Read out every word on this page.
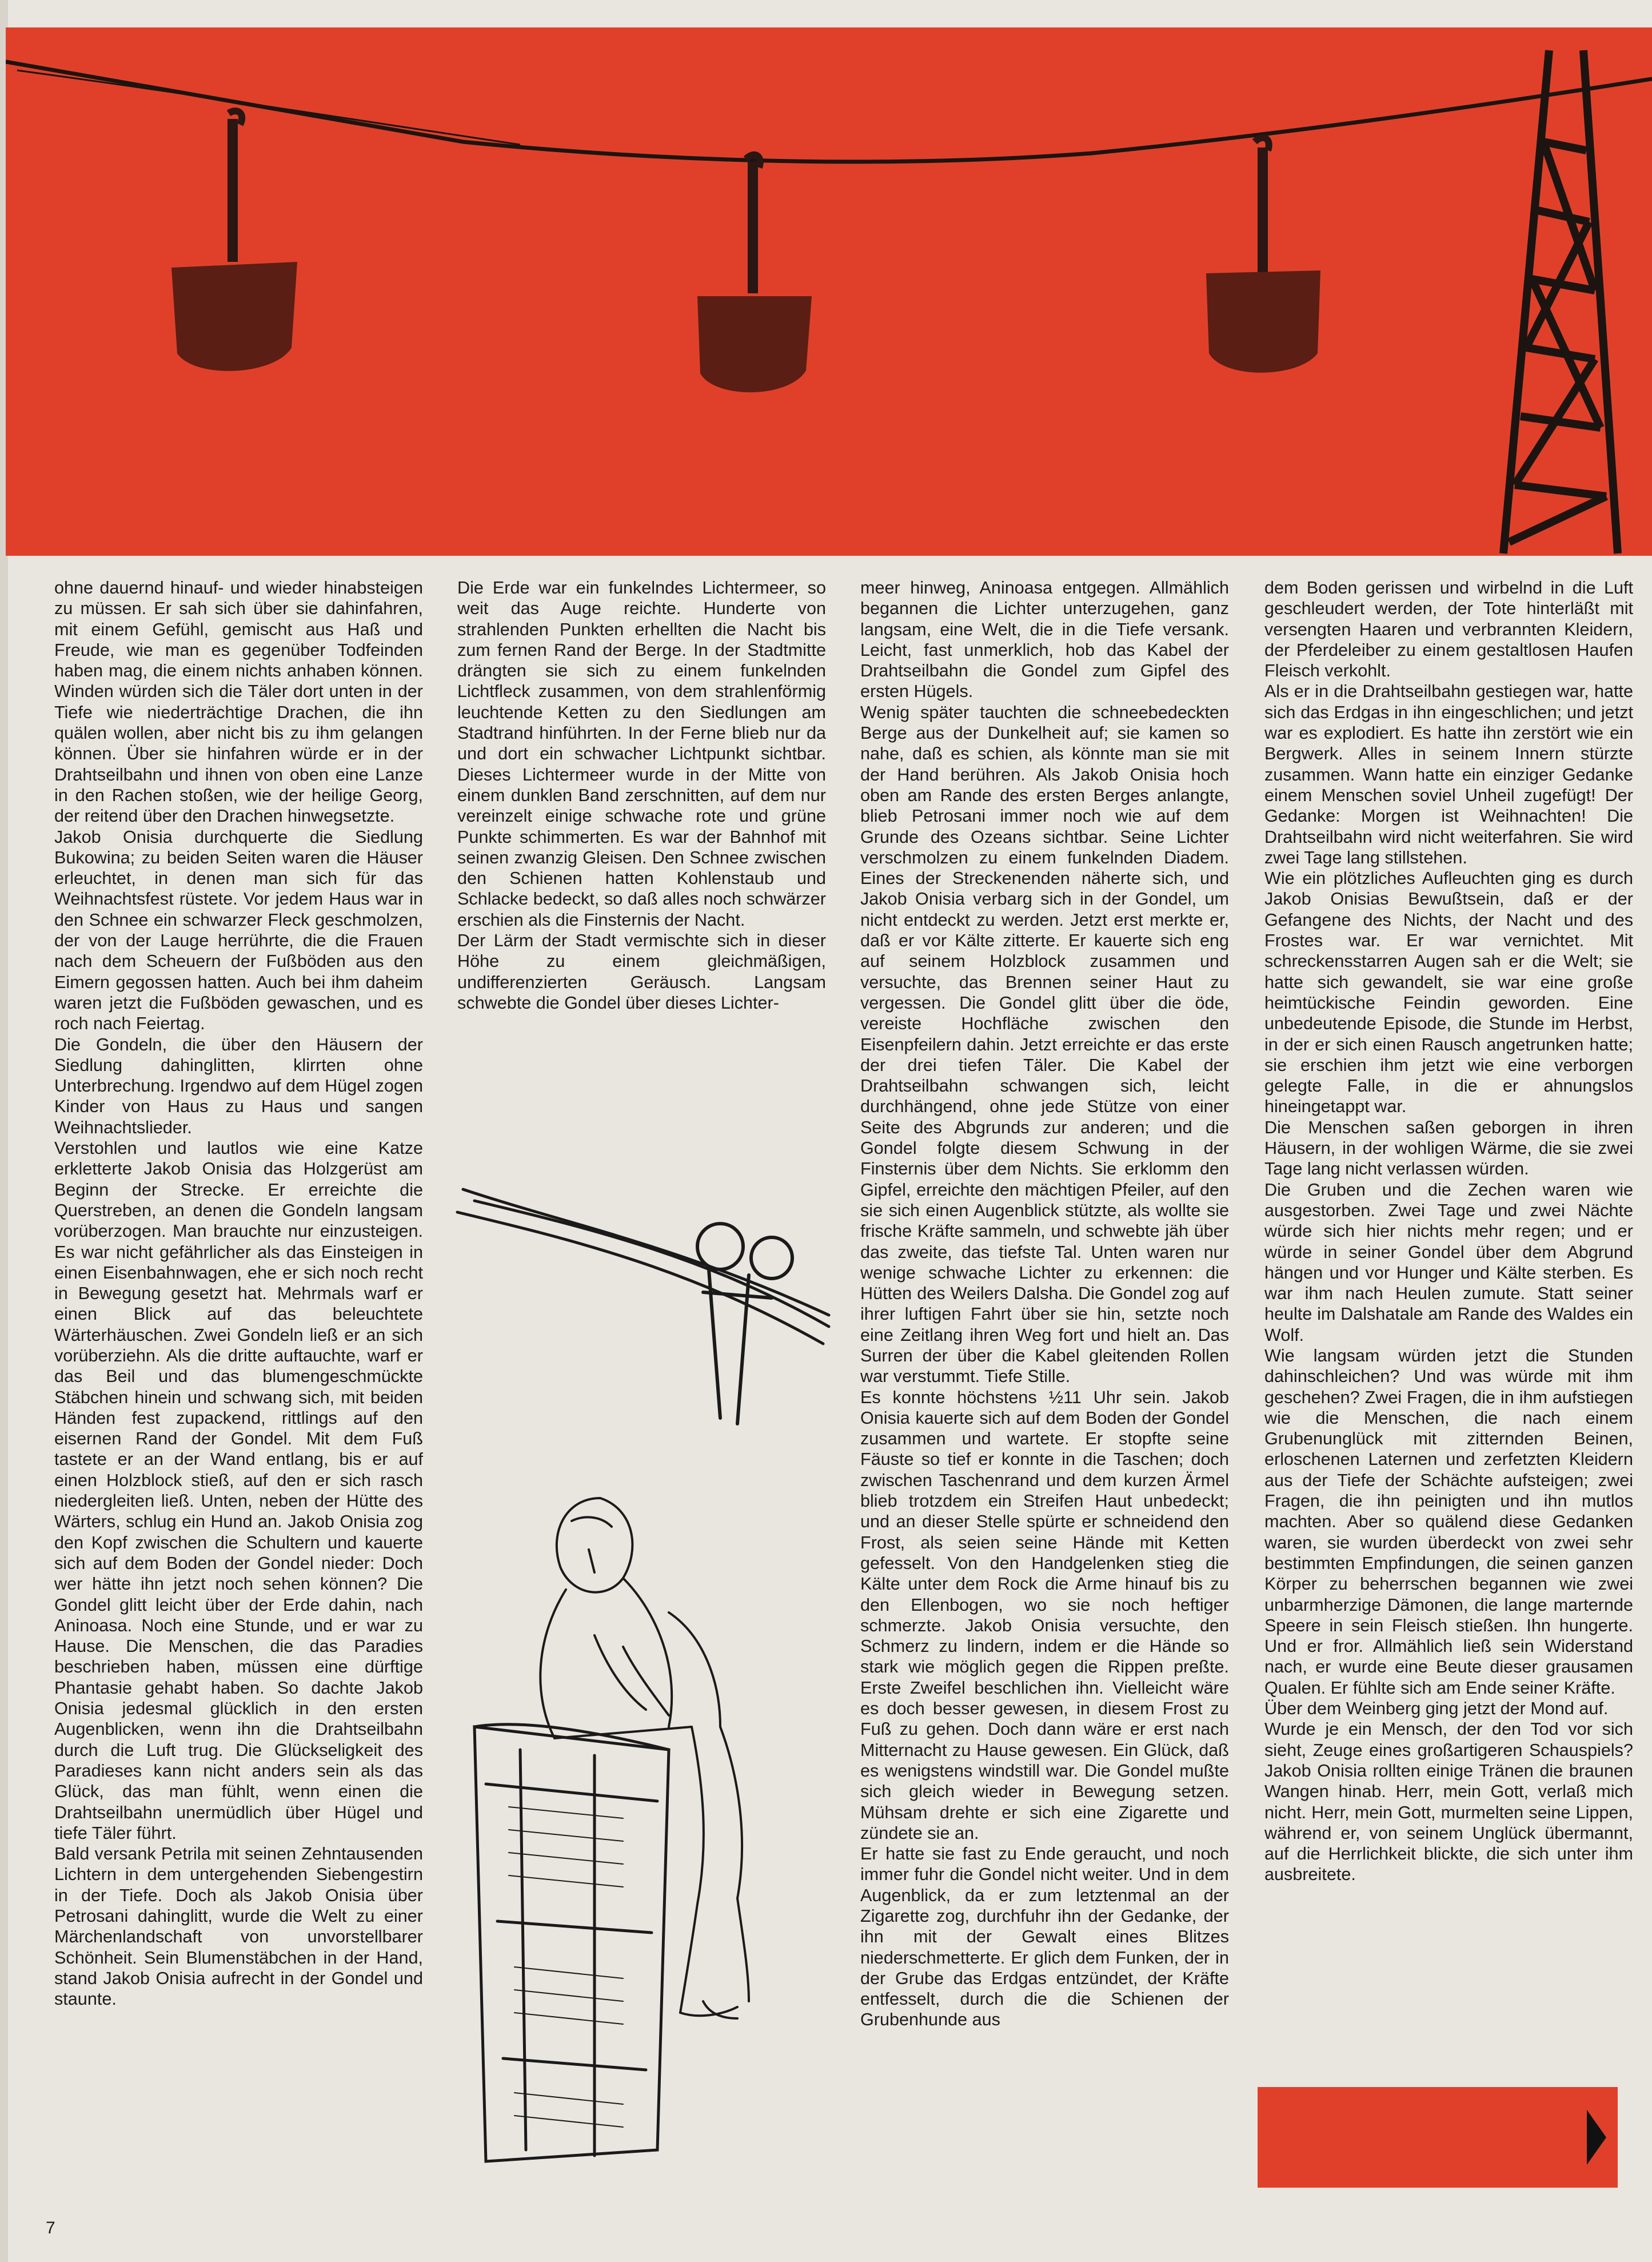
ohne dauernd hinauf- und wieder hinabsteigen zu müssen. Er sah sich über sie dahinfahren, mit einem Gefühl, gemischt aus Haß und Freude, wie man es gegenüber Todfeinden haben mag, die einem nichts anhaben können. Winden würden sich die Täler dort unten in der Tiefe wie niederträchtige Drachen, die ihn quälen wollen, aber nicht bis zu ihm gelangen können. Über sie hinfahren würde er in der Drahtseilbahn und ihnen von oben eine Lanze in den Rachen stoßen, wie der heilige Georg, der reitend über den Drachen hinwegsetzte.

Jakob Onisia durchquerte die Siedlung Bukowina; zu beiden Seiten waren die Häuser erleuchtet, in denen man sich für das Weihnachtsfest rüstete. Vor jedem Haus war in den Schnee ein schwarzer Fleck geschmolzen, der von der Lauge herrührte, die die Frauen nach dem Scheuern der Fußböden aus den Eimern gegossen hatten. Auch bei ihm daheim waren jetzt die Fußböden gewaschen, und es roch nach Feiertag.

Die Gondeln, die über den Häusern der Siedlung dahinglitten, klirrten ohne Unterbrechung. Irgendwo auf dem Hügel zogen Kinder von Haus zu Haus und sangen Weihnachtslieder.

Verstohlen und lautlos wie eine Katze erkletterte Jakob Onisia das Holzgerüst am Beginn der Strecke. Er erreichte die Querstreben, an denen die Gondeln langsam vorüberzogen. Man brauchte nur einzusteigen. Es war nicht gefährlicher als das Einsteigen in einen Eisenbahnwagen, ehe er sich noch recht in Bewegung gesetzt hat. Mehrmals warf er einen Blick auf das beleuchtete Wärterhäuschen. Zwei Gondeln ließ er an sich vorüberziehn. Als die dritte auftauchte, warf er das Beil und das blumengeschmückte Stäbchen hinein und schwang sich, mit beiden Händen fest zupackend, rittlings auf den eisernen Rand der Gondel. Mit dem Fuß tastete er an der Wand entlang, bis er auf einen Holzblock stieß, auf den er sich rasch niedergleiten ließ. Unten, neben der Hütte des Wärters, schlug ein Hund an. Jakob Onisia zog den Kopf zwischen die Schultern und kauerte sich auf dem Boden der Gondel nieder: Doch wer hätte ihn jetzt noch sehen können? Die Gondel glitt leicht über der Erde dahin, nach Aninoasa. Noch eine Stunde, und er war zu Hause. Die Menschen, die das Paradies beschrieben haben, müssen eine dürftige Phantasie gehabt haben. So dachte Jakob Onisia jedesmal glücklich in den ersten Augenblicken, wenn ihn die Drahtseilbahn durch die Luft trug. Die Glückseligkeit des Paradieses kann nicht anders sein als das Glück, das man fühlt, wenn einen die Drahtseilbahn unermüdlich über Hügel und tiefe Täler führt.

Bald versank Petrila mit seinen Zehntausenden Lichtern in dem untergehenden Siebengestirn in der Tiefe. Doch als Jakob Onisia über Petrosani dahinglitt, wurde die Welt zu einer Märchenlandschaft von unvorstellbarer Schönheit. Sein Blumenstäbchen in der Hand, stand Jakob Onisia aufrecht in der Gondel und staunte.

Die Erde war ein funkelndes Lichtermeer, so weit das Auge reichte. Hunderte von strahlenden Punkten erhellten die Nacht bis zum fernen Rand der Berge. In der Stadtmitte drängten sie sich zu einem funkelnden Lichtfleck zusammen, von dem strahlenförmig leuchtende Ketten zu den Siedlungen am Stadtrand hinführten. In der Ferne blieb nur da und dort ein schwacher Lichtpunkt sichtbar. Dieses Lichtermeer wurde in der Mitte von einem dunklen Band zerschnitten, auf dem nur vereinzelt einige schwache rote und grüne Punkte schimmerten. Es war der Bahnhof mit seinen zwanzig Gleisen. Den Schnee zwischen den Schienen hatten Kohlenstaub und Schlacke bedeckt, so daß alles noch schwärzer erschien als die Finsternis der Nacht.

Der Lärm der Stadt vermischte sich in dieser Höhe zu einem gleichmäßigen, undifferenzierten Geräusch. Langsam schwebte die Gondel über dieses Lichter-

meer hinweg, Aninoasa entgegen. Allmählich begannen die Lichter unterzugehen, ganz langsam, eine Welt, die in die Tiefe versank. Leicht, fast unmerklich, hob das Kabel der Drahtseilbahn die Gondel zum Gipfel des ersten Hügels.

Wenig später tauchten die schneebedeckten Berge aus der Dunkelheit auf; sie kamen so nahe, daß es schien, als könnte man sie mit der Hand berühren. Als Jakob Onisia hoch oben am Rande des ersten Berges anlangte, blieb Petrosani immer noch wie auf dem Grunde des Ozeans sichtbar. Seine Lichter verschmolzen zu einem funkelnden Diadem. Eines der Streckenenden näherte sich, und Jakob Onisia verbarg sich in der Gondel, um nicht entdeckt zu werden. Jetzt erst merkte er, daß er vor Kälte zitterte. Er kauerte sich eng auf seinem Holzblock zusammen und versuchte, das Brennen seiner Haut zu vergessen. Die Gondel glitt über die öde, vereiste Hochfläche zwischen den Eisenpfeilern dahin. Jetzt erreichte er das erste der drei tiefen Täler. Die Kabel der Drahtseilbahn schwangen sich, leicht durchhängend, ohne jede Stütze von einer Seite des Abgrunds zur anderen; und die Gondel folgte diesem Schwung in der Finsternis über dem Nichts. Sie erklomm den Gipfel, erreichte den mächtigen Pfeiler, auf den sie sich einen Augenblick stützte, als wollte sie frische Kräfte sammeln, und schwebte jäh über das zweite, das tiefste Tal. Unten waren nur wenige schwache Lichter zu erkennen: die Hütten des Weilers Dalsha. Die Gondel zog auf ihrer luftigen Fahrt über sie hin, setzte noch eine Zeitlang ihren Weg fort und hielt an. Das Surren der über die Kabel gleitenden Rollen war verstummt. Tiefe Stille.

Es konnte höchstens ½11 Uhr sein. Jakob Onisia kauerte sich auf dem Boden der Gondel zusammen und wartete. Er stopfte seine Fäuste so tief er konnte in die Taschen; doch zwischen Taschenrand und dem kurzen Ärmel blieb trotzdem ein Streifen Haut unbedeckt; und an dieser Stelle spürte er schneidend den Frost, als seien seine Hände mit Ketten gefesselt. Von den Handgelenken stieg die Kälte unter dem Rock die Arme hinauf bis zu den Ellenbogen, wo sie noch heftiger schmerzte. Jakob Onisia versuchte, den Schmerz zu lindern, indem er die Hände so stark wie möglich gegen die Rippen preßte. Erste Zweifel beschlichen ihn. Vielleicht wäre es doch besser gewesen, in diesem Frost zu Fuß zu gehen. Doch dann wäre er erst nach Mitternacht zu Hause gewesen. Ein Glück, daß es wenigstens windstill war. Die Gondel mußte sich gleich wieder in Bewegung setzen. Mühsam drehte er sich eine Zigarette und zündete sie an.

Er hatte sie fast zu Ende geraucht, und noch immer fuhr die Gondel nicht weiter. Und in dem Augenblick, da er zum letztenmal an der Zigarette zog, durchfuhr ihn der Gedanke, der ihn mit der Gewalt eines Blitzes niederschmetterte. Er glich dem Funken, der in der Grube das Erdgas entzündet, der Kräfte entfesselt, durch die die Schienen der Grubenhunde aus

dem Boden gerissen und wirbelnd in die Luft geschleudert werden, der Tote hinterläßt mit versengten Haaren und verbrannten Kleidern, der Pferdeleiber zu einem gestaltlosen Haufen Fleisch verkohlt.

Als er in die Drahtseilbahn gestiegen war, hatte sich das Erdgas in ihn eingeschlichen; und jetzt war es explodiert. Es hatte ihn zerstört wie ein Bergwerk. Alles in seinem Innern stürzte zusammen. Wann hatte ein einziger Gedanke einem Menschen soviel Unheil zugefügt! Der Gedanke: Morgen ist Weihnachten! Die Drahtseilbahn wird nicht weiterfahren. Sie wird zwei Tage lang stillstehen.

Wie ein plötzliches Aufleuchten ging es durch Jakob Onisias Bewußtsein, daß er der Gefangene des Nichts, der Nacht und des Frostes war. Er war vernichtet. Mit schreckensstarren Augen sah er die Welt; sie hatte sich gewandelt, sie war eine große heimtückische Feindin geworden. Eine unbedeutende Episode, die Stunde im Herbst, in der er sich einen Rausch angetrunken hatte; sie erschien ihm jetzt wie eine verborgen gelegte Falle, in die er ahnungslos hineingetappt war.

Die Menschen saßen geborgen in ihren Häusern, in der wohligen Wärme, die sie zwei Tage lang nicht verlassen würden.

Die Gruben und die Zechen waren wie ausgestorben. Zwei Tage und zwei Nächte würde sich hier nichts mehr regen; und er würde in seiner Gondel über dem Abgrund hängen und vor Hunger und Kälte sterben. Es war ihm nach Heulen zumute. Statt seiner heulte im Dalshatale am Rande des Waldes ein Wolf.

Wie langsam würden jetzt die Stunden dahinschleichen? Und was würde mit ihm geschehen? Zwei Fragen, die in ihm aufstiegen wie die Menschen, die nach einem Grubenunglück mit zitternden Beinen, erloschenen Laternen und zerfetzten Kleidern aus der Tiefe der Schächte aufsteigen; zwei Fragen, die ihn peinigten und ihn mutlos machten. Aber so quälend diese Gedanken waren, sie wurden überdeckt von zwei sehr bestimmten Empfindungen, die seinen ganzen Körper zu beherrschen begannen wie zwei unbarmherzige Dämonen, die lange marternde Speere in sein Fleisch stießen. Ihn hungerte. Und er fror. Allmählich ließ sein Widerstand nach, er wurde eine Beute dieser grausamen Qualen. Er fühlte sich am Ende seiner Kräfte.

Über dem Weinberg ging jetzt der Mond auf.

Wurde je ein Mensch, der den Tod vor sich sieht, Zeuge eines großartigeren Schauspiels? Jakob Onisia rollten einige Tränen die braunen Wangen hinab. Herr, mein Gott, verlaß mich nicht. Herr, mein Gott, murmelten seine Lippen, während er, von seinem Unglück übermannt, auf die Herrlichkeit blickte, die sich unter ihm ausbreitete.

7
